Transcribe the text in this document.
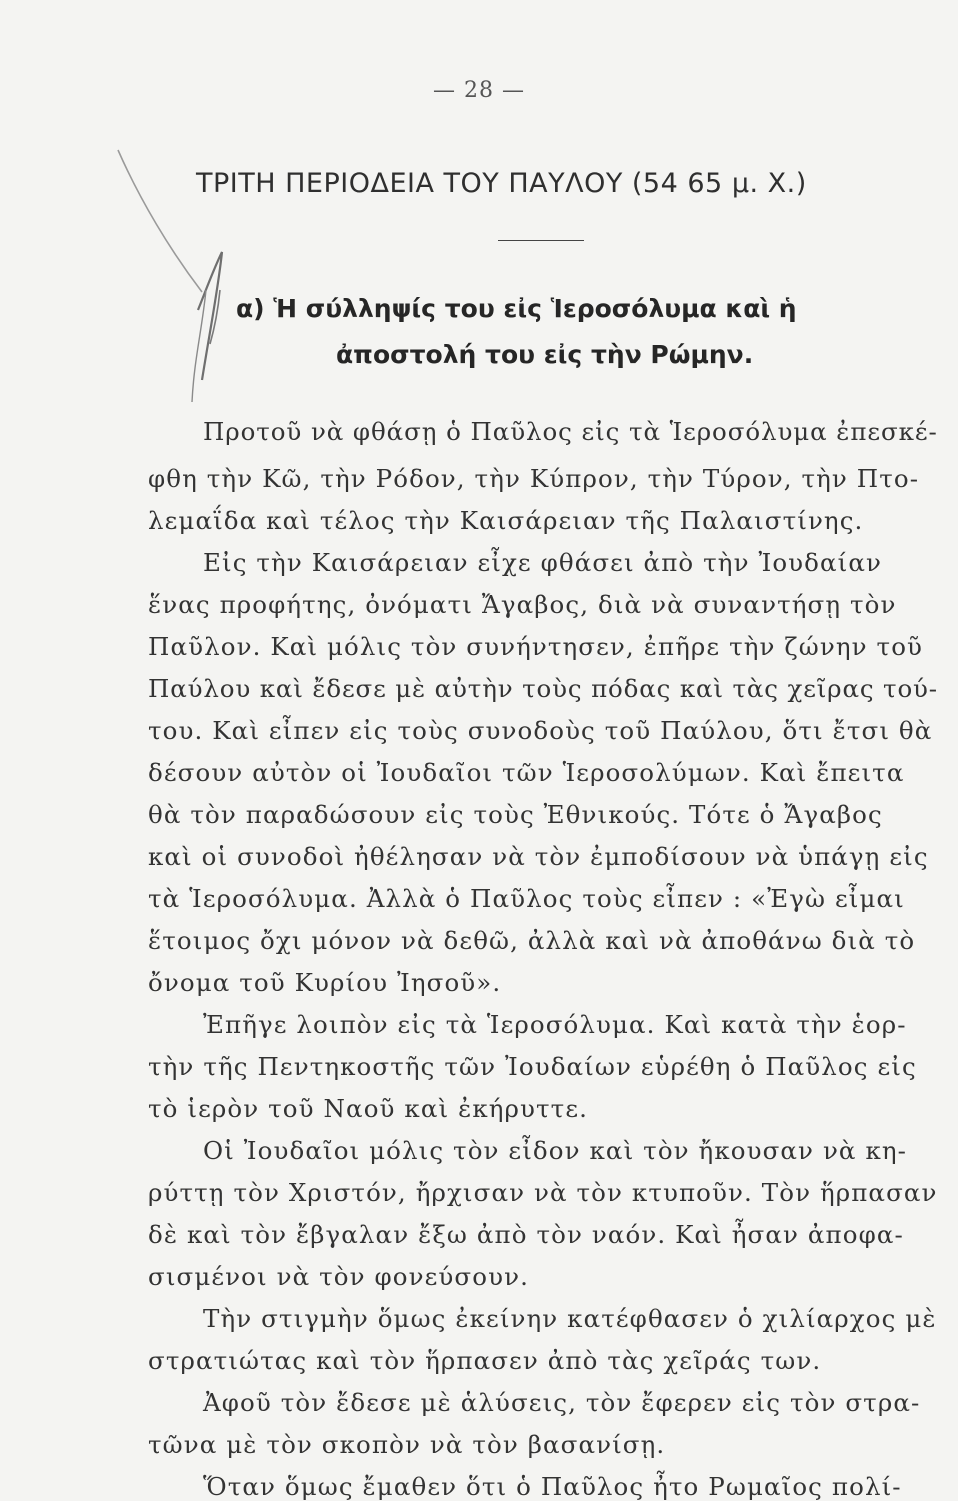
— 28 —
ΤΡΙΤΗ ΠΕΡΙΟΔΕΙΑ ΤΟΥ ΠΑΥΛΟΥ (54 65 μ. Χ.)
α) Ἡ σύλληψίς του εἰς Ἱεροσόλυμα καὶ ἡ
ἀποστολή του εἰς τὴν Ρώμην.
Προτοῦ νὰ φθάσῃ ὁ Παῦλος εἰς τὰ Ἱεροσόλυμα ἐπεσκέ-
φθη τὴν Κῶ, τὴν Ρόδον, τὴν Κύπρον, τὴν Τύρον, τὴν Πτο-
λεμαΐδα καὶ τέλος τὴν Καισάρειαν τῆς Παλαιστίνης.
Εἰς τὴν Καισάρειαν εἶχε φθάσει ἀπὸ τὴν Ἰουδαίαν
ἕνας προφήτης, ὀνόματι Ἄγαβος, διὰ νὰ συναντήσῃ τὸν
Παῦλον. Καὶ μόλις τὸν συνήντησεν, ἐπῆρε τὴν ζώνην τοῦ
Παύλου καὶ ἔδεσε μὲ αὐτὴν τοὺς πόδας καὶ τὰς χεῖρας τού-
του. Καὶ εἶπεν εἰς τοὺς συνοδοὺς τοῦ Παύλου, ὅτι ἔτσι θὰ
δέσουν αὐτὸν οἱ Ἰουδαῖοι τῶν Ἱεροσολύμων. Καὶ ἔπειτα
θὰ τὸν παραδώσουν εἰς τοὺς Ἐθνικούς. Τότε ὁ Ἄγαβος
καὶ οἱ συνοδοὶ ἠθέλησαν νὰ τὸν ἐμποδίσουν νὰ ὑπάγῃ εἰς
τὰ Ἱεροσόλυμα. Ἀλλὰ ὁ Παῦλος τοὺς εἶπεν : «Ἐγὼ εἶμαι
ἕτοιμος ὄχι μόνον νὰ δεθῶ, ἀλλὰ καὶ νὰ ἀποθάνω διὰ τὸ
ὄνομα τοῦ Κυρίου Ἰησοῦ».
Ἐπῆγε λοιπὸν εἰς τὰ Ἱεροσόλυμα. Καὶ κατὰ τὴν ἑορ-
τὴν τῆς Πεντηκοστῆς τῶν Ἰουδαίων εὑρέθη ὁ Παῦλος εἰς
τὸ ἱερὸν τοῦ Ναοῦ καὶ ἐκήρυττε.
Οἱ Ἰουδαῖοι μόλις τὸν εἶδον καὶ τὸν ἤκουσαν νὰ κη-
ρύττῃ τὸν Χριστόν, ἤρχισαν νὰ τὸν κτυποῦν. Τὸν ἥρπασαν
δὲ καὶ τὸν ἔβγαλαν ἔξω ἀπὸ τὸν ναόν. Καὶ ἦσαν ἀποφα-
σισμένοι νὰ τὸν φονεύσουν.
Τὴν στιγμὴν ὅμως ἐκείνην κατέφθασεν ὁ χιλίαρχος μὲ
στρατιώτας καὶ τὸν ἥρπασεν ἀπὸ τὰς χεῖράς των.
Ἀφοῦ τὸν ἔδεσε μὲ ἁλύσεις, τὸν ἔφερεν εἰς τὸν στρα-
τῶνα μὲ τὸν σκοπὸν νὰ τὸν βασανίσῃ.
Ὅταν ὅμως ἔμαθεν ὅτι ὁ Παῦλος ἦτο Ρωμαῖος πολί-
